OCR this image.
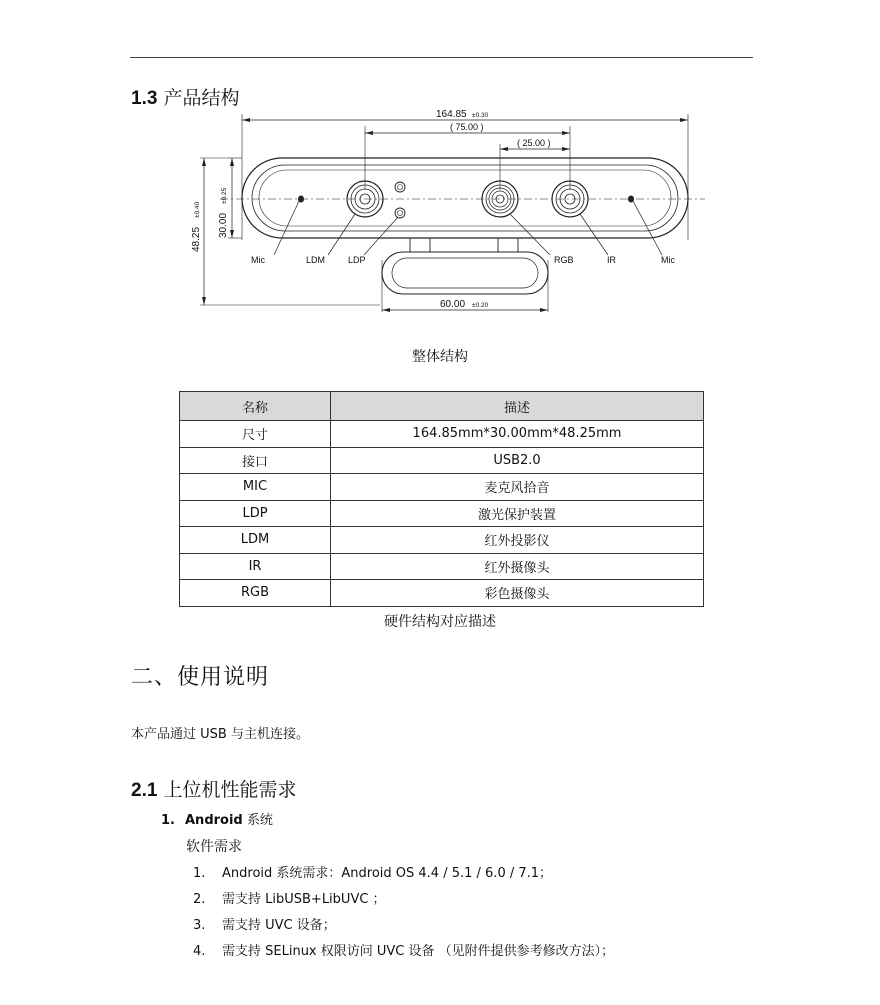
1.3 产品结构
164.85 ±0.30
( 75.00 )
( 25.00 )
30.00
±0.25
48.25
±0.40
60.00 ±0.20
Mic	LDM	LDP	RGB	IR	Mic
整体结构
名称	描述
尺寸	164.85mm*30.00mm*48.25mm
接口	USB2.0
MIC	麦克风拾音
LDP	激光保护装置
LDM	红外投影仪
IR	红外摄像头
RGB	彩色摄像头
硬件结构对应描述
二、使用说明
本产品通过 USB 与主机连接。
2.1 上位机性能需求
1. Android 系统
软件需求
1. Android 系统需求：Android OS 4.4 / 5.1 / 6.0 / 7.1；
2. 需支持 LibUSB+LibUVC ；
3. 需支持 UVC 设备；
4. 需支持 SELinux 权限访问 UVC 设备 （见附件提供参考修改方法）；
